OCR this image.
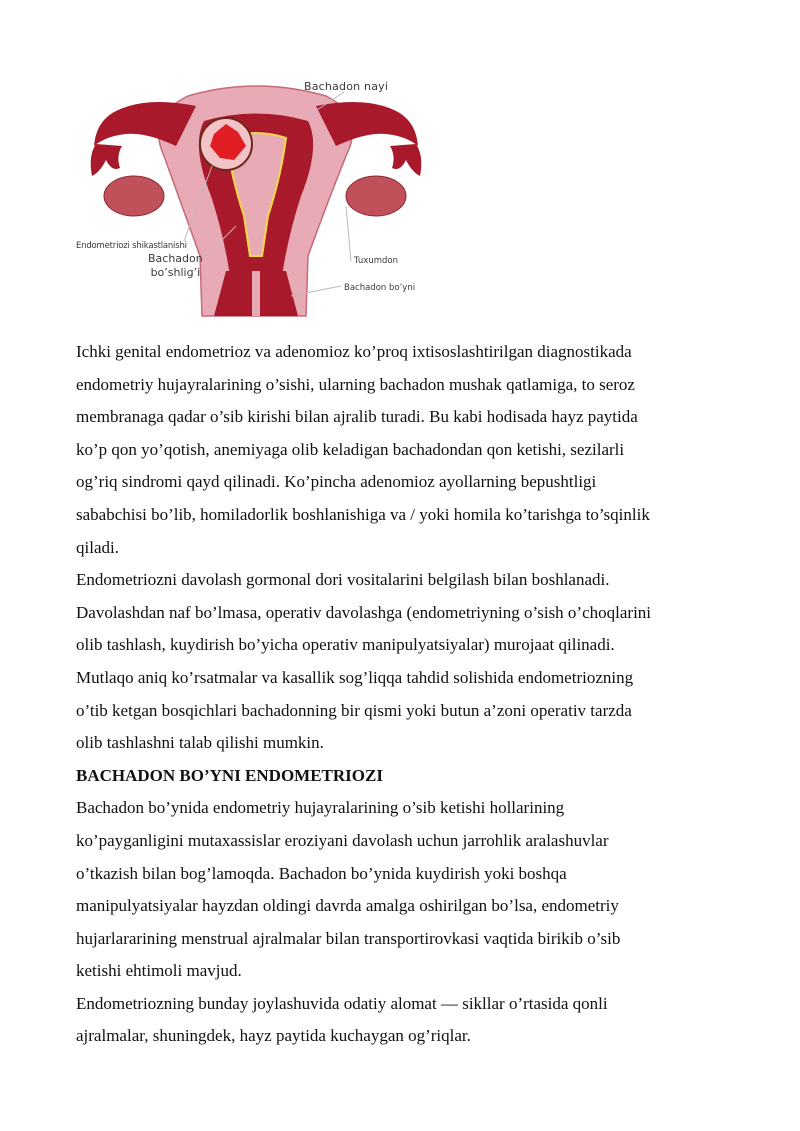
Bachadon nayi
Endometriozi shikastlanishi
Bachadon
bo’shlig’i
Tuxumdon
Bachadon bo’yni

Ichki genital endometrioz va adenomioz ko’proq ixtisoslashtirilgan diagnostikada
endometriy hujayralarining o’sishi, ularning bachadon mushak qatlamiga, to seroz
membranaga qadar o’sib kirishi bilan ajralib turadi. Bu kabi hodisada hayz paytida
ko’p qon yo’qotish, anemiyaga olib keladigan bachadondan qon ketishi, sezilarli
og’riq sindromi qayd qilinadi. Ko’pincha adenomioz ayollarning bepushtligi
sababchisi bo’lib, homiladorlik boshlanishiga va / yoki homila ko’tarishga to’sqinlik
qiladi.

Endometriozni davolash gormonal dori vositalarini belgilash bilan boshlanadi.
Davolashdan naf bo’lmasa, operativ davolashga (endometriyning o’sish o’choqlarini
olib tashlash, kuydirish bo’yicha operativ manipulyatsiyalar) murojaat qilinadi.
Mutlaqo aniq ko’rsatmalar va kasallik sog’liqqa tahdid solishida endometriozning
o’tib ketgan bosqichlari bachadonning bir qismi yoki butun a’zoni operativ tarzda
olib tashlashni talab qilishi mumkin.

BACHADON BO’YNI ENDOMETRIOZI

Bachadon bo’ynida endometriy hujayralarining o’sib ketishi hollarining
ko’payganligini mutaxassislar eroziyani davolash uchun jarrohlik aralashuvlar
o’tkazish bilan bog’lamoqda. Bachadon bo’ynida kuydirish yoki boshqa
manipulyatsiyalar hayzdan oldingi davrda amalga oshirilgan bo’lsa, endometriy
hujarlararining menstrual ajralmalar bilan transportirovkasi vaqtida birikib o’sib
ketishi ehtimoli mavjud.

Endometriozning bunday joylashuvida odatiy alomat — sikllar o’rtasida qonli
ajralmalar, shuningdek, hayz paytida kuchaygan og’riqlar.
